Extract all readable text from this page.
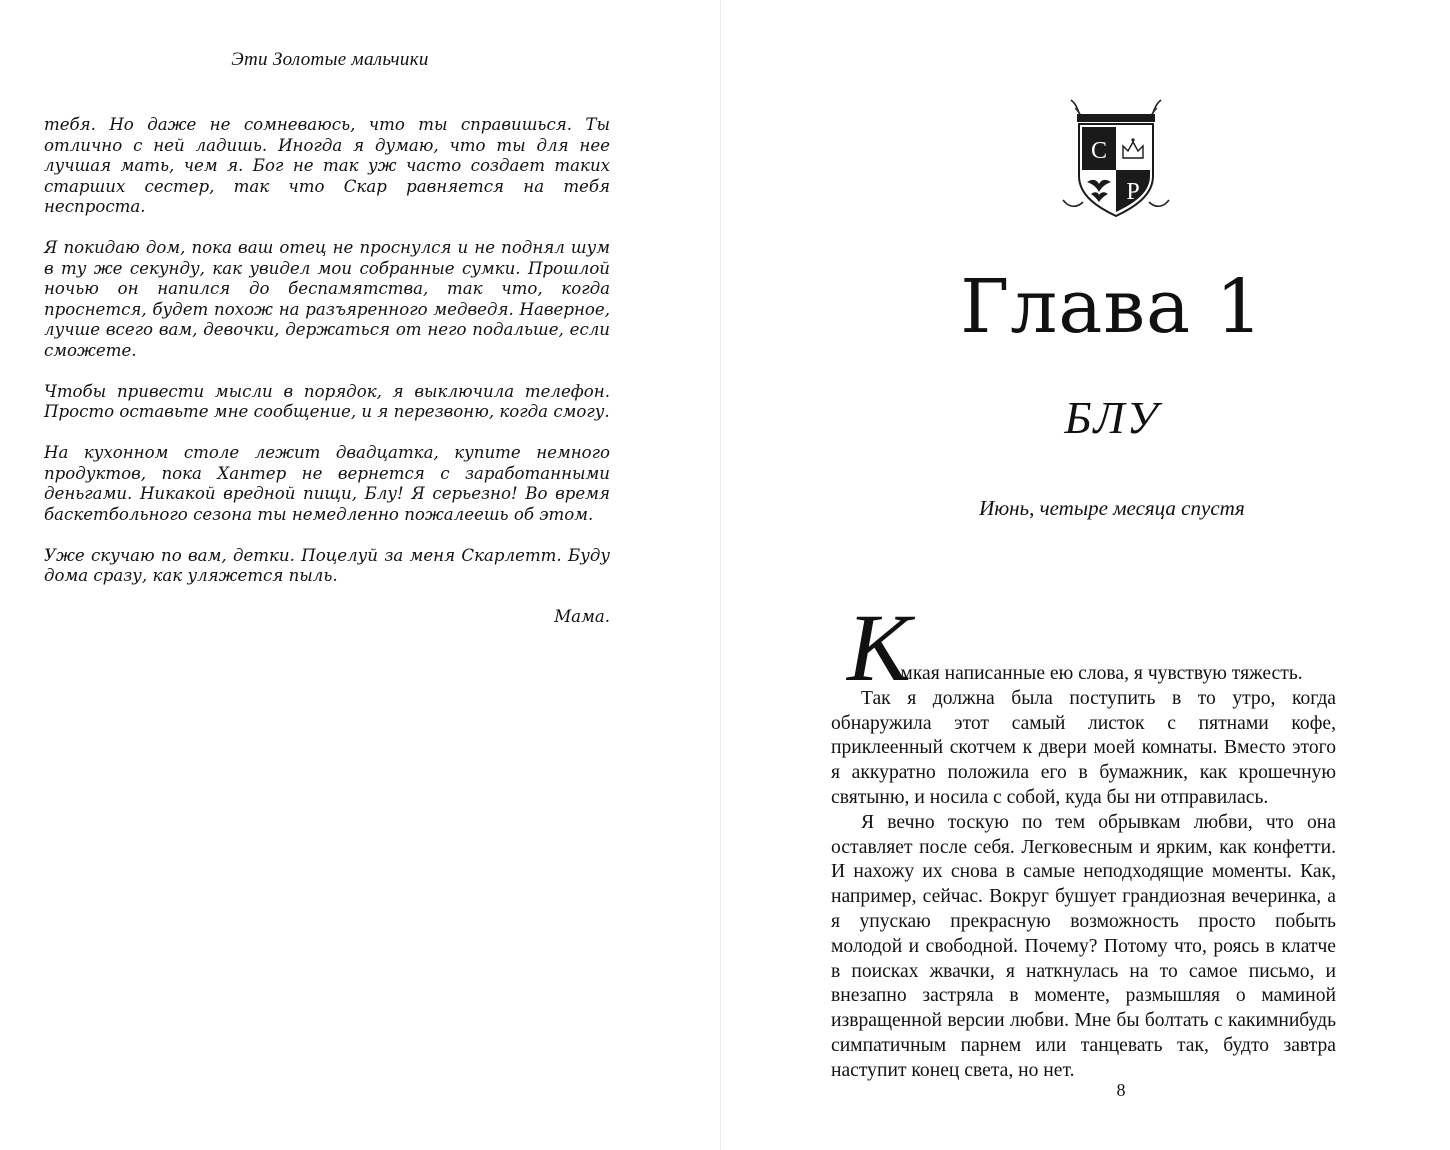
Эти Золотые мальчики

тебя. Но даже не сомневаюсь, что ты справишься. Ты отлично с ней ладишь. Иногда я думаю, что ты для нее лучшая мать, чем я. Бог не так уж часто создает таких старших сестер, так что Скар равняется на тебя неспроста.

Я покидаю дом, пока ваш отец не проснулся и не поднял шум в ту же секунду, как увидел мои собранные сумки. Прошлой ночью он напился до беспамятства, так что, когда проснется, будет похож на разъяренного медведя. Наверное, лучше всего вам, девочки, держаться от него подальше, если сможете.

Чтобы привести мысли в порядок, я выключила телефон. Просто оставьте мне сообщение, и я перезвоню, когда смогу.

На кухонном столе лежит двадцатка, купите немного продуктов, пока Хантер не вернется с заработанными деньгами. Никакой вредной пищи, Блу! Я серьезно! Во время баскетбольного сезона ты немедленно пожалеешь об этом.

Уже скучаю по вам, детки. Поцелуй за меня Скарлетт. Буду дома сразу, как уляжется пыль.

Мама.

C
P
Глава 1
БЛУ
Июнь, четыре месяца спустя
К

омкая написанные ею слова, я чувствую тяжесть.

Так я должна была поступить в то утро, когда обнаружила этот самый листок с пятнами кофе, приклеенный скотчем к двери моей комнаты. Вместо этого я аккуратно положила его в бумажник, как крошечную святыню, и носила с собой, куда бы ни отправилась.

Я вечно тоскую по тем обрывкам любви, что она оставляет после себя. Легковесным и ярким, как конфетти. И нахожу их снова в самые неподходящие моменты. Как, например, сейчас. Вокруг бушует грандиозная вечеринка, а я упускаю прекрасную возможность просто побыть молодой и свободной. Почему? Потому что, роясь в клатче в поисках жвачки, я наткнулась на то самое письмо, и внезапно застряла в моменте, размышляя о маминой извращенной версии любви. Мне бы болтать с какимнибудь симпатичным парнем или танцевать так, будто завтра наступит конец света, но нет.

8
